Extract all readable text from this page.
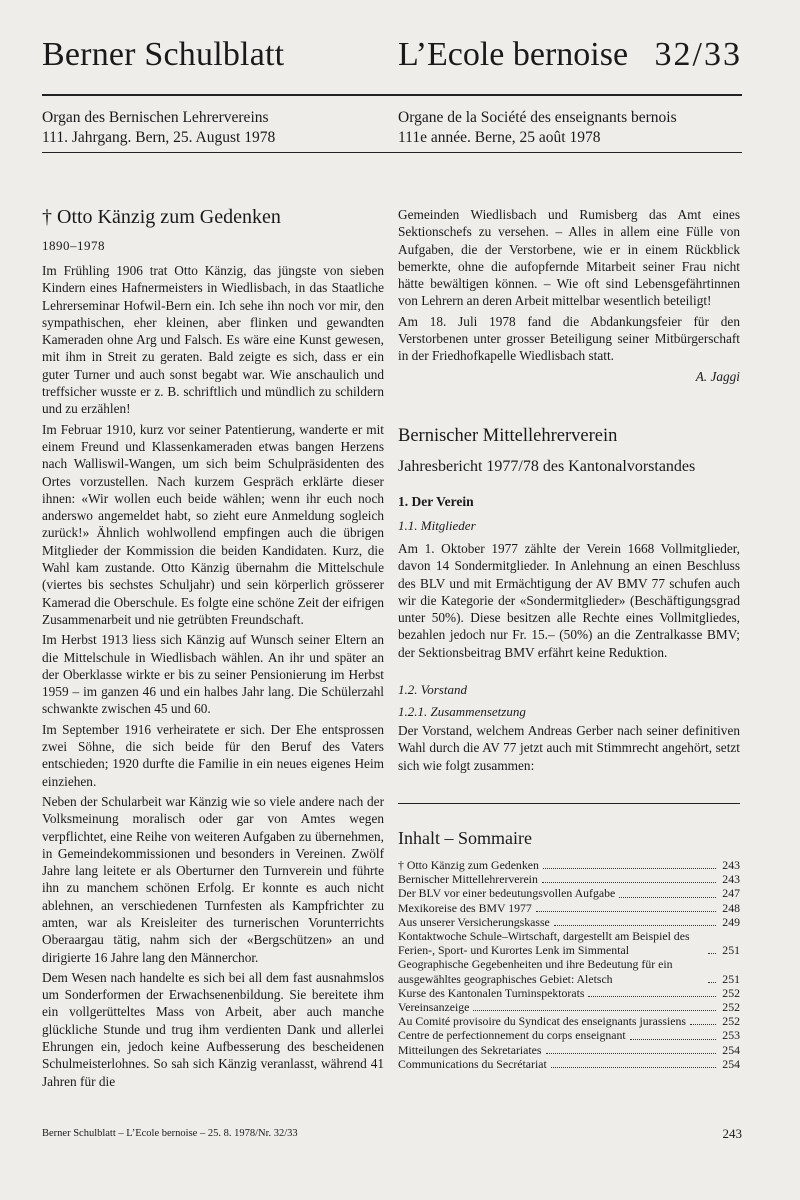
Berner Schulblatt	L’Ecole bernoise 32/33
Organ des Bernischen Lehrervereins
111. Jahrgang. Bern, 25. August 1978
Organe de la Société des enseignants bernois
111e année. Berne, 25 août 1978
† Otto Känzig zum Gedenken
1890–1978

Im Frühling 1906 trat Otto Känzig, das jüngste von sieben Kindern eines Hafnermeisters in Wiedlisbach, in das Staatliche Lehrerseminar Hofwil-Bern ein. Ich sehe ihn noch vor mir, den sympathischen, eher kleinen, aber flinken und gewandten Kameraden ohne Arg und Falsch. Es wäre eine Kunst gewesen, mit ihm in Streit zu geraten. Bald zeigte es sich, dass er ein guter Turner und auch sonst begabt war. Wie anschaulich und treffsicher wusste er z. B. schriftlich und mündlich zu schildern und zu erzählen!

Im Februar 1910, kurz vor seiner Patentierung, wanderte er mit einem Freund und Klassenkameraden etwas bangen Herzens nach Walliswil-Wangen, um sich beim Schulpräsidenten des Ortes vorzustellen. Nach kurzem Gespräch erklärte dieser ihnen: «Wir wollen euch beide wählen; wenn ihr euch noch anderswo angemeldet habt, so zieht eure Anmeldung sogleich zurück!» Ähnlich wohlwollend empfingen auch die übrigen Mitglieder der Kommission die beiden Kandidaten. Kurz, die Wahl kam zustande. Otto Känzig übernahm die Mittelschule (viertes bis sechstes Schuljahr) und sein körperlich grösserer Kamerad die Oberschule. Es folgte eine schöne Zeit der eifrigen Zusammenarbeit und nie getrübten Freundschaft.

Im Herbst 1913 liess sich Känzig auf Wunsch seiner Eltern an die Mittelschule in Wiedlisbach wählen. An ihr und später an der Oberklasse wirkte er bis zu seiner Pensionierung im Herbst 1959 – im ganzen 46 und ein halbes Jahr lang. Die Schülerzahl schwankte zwischen 45 und 60.

Im September 1916 verheiratete er sich. Der Ehe entsprossen zwei Söhne, die sich beide für den Beruf des Vaters entschieden; 1920 durfte die Familie in ein neues eigenes Heim einziehen.

Neben der Schularbeit war Känzig wie so viele andere nach der Volksmeinung moralisch oder gar von Amtes wegen verpflichtet, eine Reihe von weiteren Aufgaben zu übernehmen, in Gemeindekommissionen und besonders in Vereinen. Zwölf Jahre lang leitete er als Oberturner den Turnverein und führte ihn zu manchem schönen Erfolg. Er konnte es auch nicht ablehnen, an verschiedenen Turnfesten als Kampfrichter zu amten, war als Kreisleiter des turnerischen Vorunterrichts Oberaargau tätig, nahm sich der «Bergschützen» an und dirigierte 16 Jahre lang den Männerchor.

Dem Wesen nach handelte es sich bei all dem fast ausnahmslos um Sonderformen der Erwachsenenbildung. Sie bereitete ihm ein vollgerütteltes Mass von Arbeit, aber auch manche glückliche Stunde und trug ihm verdienten Dank und allerlei Ehrungen ein, jedoch keine Aufbesserung des bescheidenen Schulmeisterlohnes. So sah sich Känzig veranlasst, während 41 Jahren für die

Gemeinden Wiedlisbach und Rumisberg das Amt eines Sektionschefs zu versehen. – Alles in allem eine Fülle von Aufgaben, die der Verstorbene, wie er in einem Rückblick bemerkte, ohne die aufopfernde Mitarbeit seiner Frau nicht hätte bewältigen können. – Wie oft sind Lebensgefährtinnen von Lehrern an deren Arbeit mittelbar wesentlich beteiligt!

Am 18. Juli 1978 fand die Abdankungsfeier für den Verstorbenen unter grosser Beteiligung seiner Mitbürgerschaft in der Friedhofkapelle Wiedlisbach statt.

A. Jaggi
Bernischer Mittellehrerverein
Jahresbericht 1977/78 des Kantonalvorstandes
1. Der Verein
1.1. Mitglieder
Am 1. Oktober 1977 zählte der Verein 1668 Vollmitglieder, davon 14 Sondermitglieder. In Anlehnung an einen Beschluss des BLV und mit Ermächtigung der AV BMV 77 schufen auch wir die Kategorie der «Sondermitglieder» (Beschäftigungsgrad unter 50%). Diese besitzen alle Rechte eines Vollmitgliedes, bezahlen jedoch nur Fr. 15.– (50%) an die Zentralkasse BMV; der Sektionsbeitrag BMV erfährt keine Reduktion.
1.2. Vorstand
1.2.1. Zusammensetzung
Der Vorstand, welchem Andreas Gerber nach seiner definitiven Wahl durch die AV 77 jetzt auch mit Stimmrecht angehört, setzt sich wie folgt zusammen:
Inhalt – Sommaire
† Otto Känzig zum Gedenken	243
Bernischer Mittellehrerverein	243
Der BLV vor einer bedeutungsvollen Aufgabe	247
Mexikoreise des BMV 1977	248
Aus unserer Versicherungskasse	249
Kontaktwoche Schule–Wirtschaft, dargestellt am Beispiel des Ferien-, Sport- und Kurortes Lenk im Simmental	251
Geographische Gegebenheiten und ihre Bedeutung für ein ausgewähltes geographisches Gebiet: Aletsch	251
Kurse des Kantonalen Turninspektorats	252
Vereinsanzeige	252
Au Comité provisoire du Syndicat des enseignants jurassiens	252
Centre de perfectionnement du corps enseignant	253
Mitteilungen des Sekretariates	254
Communications du Secrétariat	254
Berner Schulblatt – L’Ecole bernoise – 25. 8. 1978/Nr. 32/33	243
